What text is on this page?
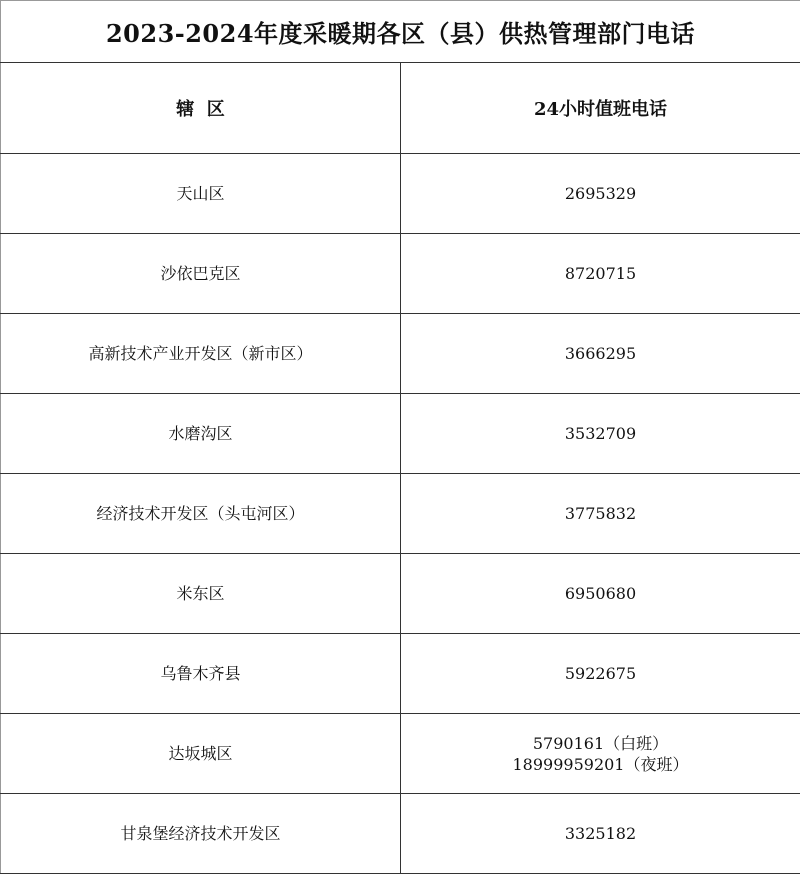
2023-2024年度采暖期各区（县）供热管理部门电话	
辖  区	24小时值班电话
天山区	2695329

沙依巴克区	8720715

高新技术产业开发区（新市区）	3666295

水磨沟区	3532709

经济技术开发区（头屯河区）	3775832

米东区	6950680

乌鲁木齐县	5922675

达坂城区	5790161（白班）
18999959201（夜班）

甘泉堡经济技术开发区	3325182
